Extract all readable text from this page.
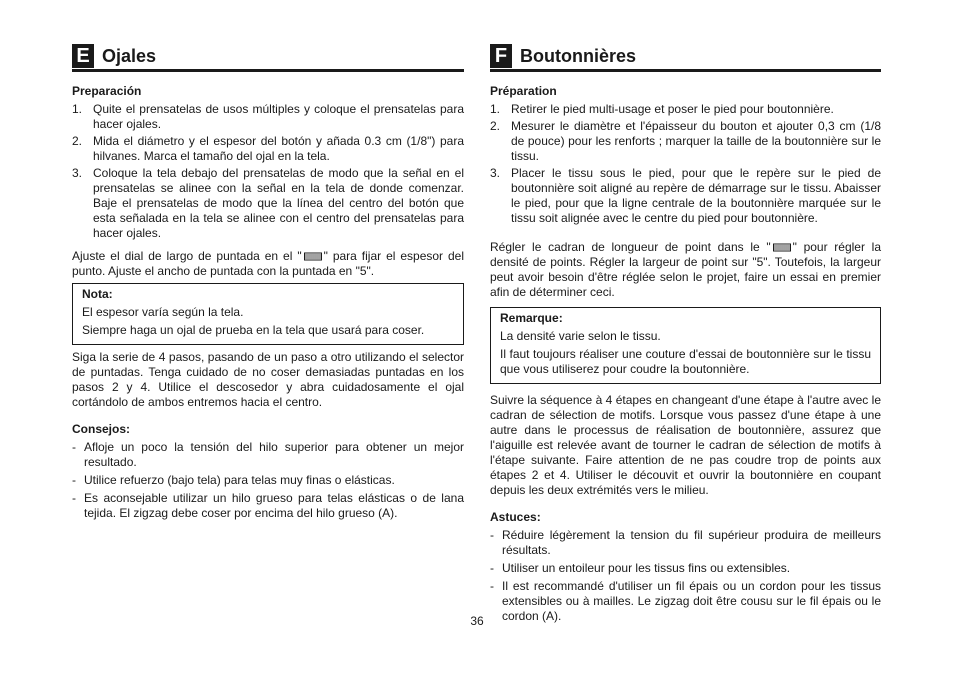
E Ojales
Preparación
1. Quite el prensatelas de usos múltiples y coloque el prensatelas para hacer ojales.
2. Mida el diámetro y el espesor del botón y añada 0.3 cm (1/8") para hilvanes. Marca el tamaño del ojal en la tela.
3. Coloque la tela debajo del prensatelas de modo que la señal en el prensatelas se alinee con la señal en la tela de donde comenzar. Baje el prensatelas de modo que la línea del centro del botón que esta señalada en la tela se alinee con el centro del prensatelas para hacer ojales.

Ajuste el dial de largo de puntada en el " " para fijar el espesor del punto. Ajuste el ancho de puntada con la puntada en "5".

Nota:

El espesor varía según la tela.

Siempre haga un ojal de prueba en la tela que usará para coser.

Siga la serie de 4 pasos, pasando de un paso a otro utilizando el selector de puntadas. Tenga cuidado de no coser demasiadas puntadas en los pasos 2 y 4. Utilice el descosedor y abra cuidadosamente el ojal cortándolo de ambos entremos hacia el centro.

Consejos:
- Afloje un poco la tensión del hilo superior para obtener un mejor resultado.
- Utilice refuerzo (bajo tela) para telas muy finas o elásticas.
- Es aconsejable utilizar un hilo grueso para telas elásticas o de lana tejida. El zigzag debe coser por encima del hilo grueso (A).
F Boutonnières
Préparation
1. Retirer le pied multi-usage et poser le pied pour boutonnière.
2. Mesurer le diamètre et l'épaisseur du bouton et ajouter 0,3 cm (1/8 de pouce) pour les renforts ; marquer la taille de la boutonnière sur le tissu.
3. Placer le tissu sous le pied, pour que le repère sur le pied de boutonnière soit aligné au repère de démarrage sur le tissu. Abaisser le pied, pour que la ligne centrale de la boutonnière marquée sur le tissu soit alignée avec le centre du pied pour boutonnière.

Régler le cadran de longueur de point dans le " " pour régler la densité de points. Régler la largeur de point sur "5". Toutefois, la largeur peut avoir besoin d'être réglée selon le projet, faire un essai en premier afin de déterminer ceci.

Remarque:

La densité varie selon le tissu.

Il faut toujours réaliser une couture d'essai de boutonnière sur le tissu que vous utiliserez pour coudre la boutonnière.

Suivre la séquence à 4 étapes en changeant d'une étape à l'autre avec le cadran de sélection de motifs. Lorsque vous passez d'une étape à une autre dans le processus de réalisation de boutonnière, assurez que l'aiguille est relevée avant de tourner le cadran de sélection de motifs à l'étape suivante. Faire attention de ne pas coudre trop de points aux étapes 2 et 4. Utiliser le découvit et ouvrir la boutonnière en coupant depuis les deux extrémités vers le milieu.

Astuces:
- Réduire légèrement la tension du fil supérieur produira de meilleurs résultats.
- Utiliser un entoileur pour les tissus fins ou extensibles.
- Il est recommandé d'utiliser un fil épais ou un cordon pour les tissus extensibles ou à mailles. Le zigzag doit être cousu sur le fil épais ou le cordon (A).
36
